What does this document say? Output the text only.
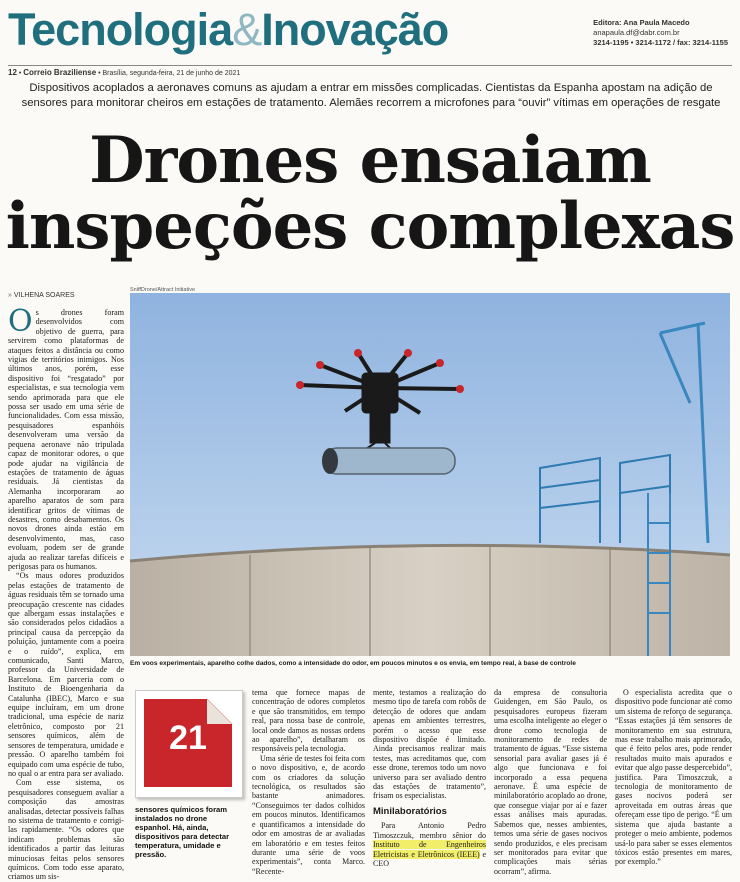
Tecnologia&Inovação	Editora: Ana Paula Macedo
anapaula.df@dabr.com.br
3214-1195 • 3214-1172 / fax: 3214-1155
12 • Correio Braziliense • Brasília, segunda-feira, 21 de junho de 2021

Dispositivos acoplados a aeronaves comuns as ajudam a entrar em missões complicadas. Cientistas da Espanha apostam na adição de sensores para monitorar cheiros em estações de tratamento. Alemães recorrem a microfones para “ouvir” vítimas em operações de resgate

Drones ensaiam
inspeções complexas
» VILHENA SOARES

Os drones foram desenvolvidos com objetivo de guerra, para servirem como plataformas de ataques feitos a distância ou como vigias de territórios inimigos. Nos últimos anos, porém, esse dispositivo foi “resgatado” por especialistas, e sua tecnologia vem sendo aprimorada para que ele possa ser usado em uma série de funcionalidades. Com essa missão, pesquisadores espanhóis desenvolveram uma versão da pequena aeronave não tripulada capaz de monitorar odores, o que pode ajudar na vigilância de estações de tratamento de águas residuais. Já cientistas da Alemanha incorporaram ao aparelho aparatos de som para identificar gritos de vítimas de desastres, como desabamentos. Os novos drones ainda estão em desenvolvimento, mas, caso evoluam, podem ser de grande ajuda ao realizar tarefas difíceis e perigosas para os humanos.

“Os maus odores produzidos pelas estações de tratamento de águas residuais têm se tornado uma preocupação crescente nas cidades que albergam essas instalações e são considerados pelos cidadãos a principal causa da percepção da poluição, juntamente com a poeira e o ruído”, explica, em comunicado, Santi Marco, professor da Universidade de Barcelona. Em parceria com o Instituto de Bioengenharia da Catalunha (IBEC), Marco e sua equipe incluíram, em um drone tradicional, uma espécie de nariz eletrônico, composto por 21 sensores químicos, além de sensores de temperatura, umidade e pressão. O aparelho também foi equipado com uma espécie de tubo, no qual o ar entra para ser avaliado.

Com esse sistema, os pesquisadores conseguem avaliar a composição das amostras analisadas, detectar possíveis falhas no sistema de tratamento e corrigi-las rapidamente. “Os odores que indicam problemas são identificados a partir das leituras minuciosas feitas pelos sensores químicos. Com todo esse aparato, criamos um sis-

SniffDrone/Attract Initiative
Em voos experimentais, aparelho colhe dados, como a intensidade do odor, em poucos minutos e os envia, em tempo real, à base de controle
21
sensores químicos foram instalados no drone espanhol. Há, ainda, dispositivos para detectar temperatura, umidade e pressão.

tema que fornece mapas de concentração de odores completos e que são transmitidos, em tempo real, para nossa base de controle, local onde damos as nossas ordens ao aparelho”, detalharam os responsáveis pela tecnologia.

Uma série de testes foi feita com o novo dispositivo, e, de acordo com os criadores da solução tecnológica, os resultados são bastante animadores. “Conseguimos ter dados colhidos em poucos minutos. Identificamos e quantificamos a intensidade do odor em amostras de ar avaliadas em laboratório e em testes feitos durante uma série de voos experimentais”, conta Marco. “Recente-

mente, testamos a realização do mesmo tipo de tarefa com robôs de detecção de odores que andam apenas em ambientes terrestres, porém o acesso que esse dispositivo dispõe é limitado. Ainda precisamos realizar mais testes, mas acreditamos que, com esse drone, teremos todo um novo universo para ser avaliado dentro das estações de tratamento”, frisam os especialistas.

Minilaboratórios

Para Antonio Pedro Timoszczuk, membro sênior do Instituto de Engenheiros Eletricistas e Eletrônicos (IEEE) e CEO

da empresa de consultoria Guidengen, em São Paulo, os pesquisadores europeus fizeram uma escolha inteligente ao eleger o drone como tecnologia de monitoramento de redes de tratamento de águas. “Esse sistema sensorial para avaliar gases já é algo que funcionava e foi incorporado a essa pequena aeronave. É uma espécie de minilaboratório acoplado ao drone, que consegue viajar por aí e fazer essas análises mais apuradas. Sabemos que, nesses ambientes, temos uma série de gases nocivos sendo produzidos, e eles precisam ser monitorados para evitar que complicações mais sérias ocorram”, afirma.

O especialista acredita que o dispositivo pode funcionar até como um sistema de reforço de segurança. “Essas estações já têm sensores de monitoramento em sua estrutura, mas esse trabalho mais aprimorado, que é feito pelos ares, pode render resultados muito mais apurados e evitar que algo passe despercebido”, justifica. Para Timoszczuk, a tecnologia de monitoramento de gases nocivos poderá ser aproveitada em outras áreas que ofereçam esse tipo de perigo. “É um sistema que ajuda bastante a proteger o meio ambiente, podemos usá-lo para saber se esses elementos tóxicos estão presentes em mares, por exemplo.”
